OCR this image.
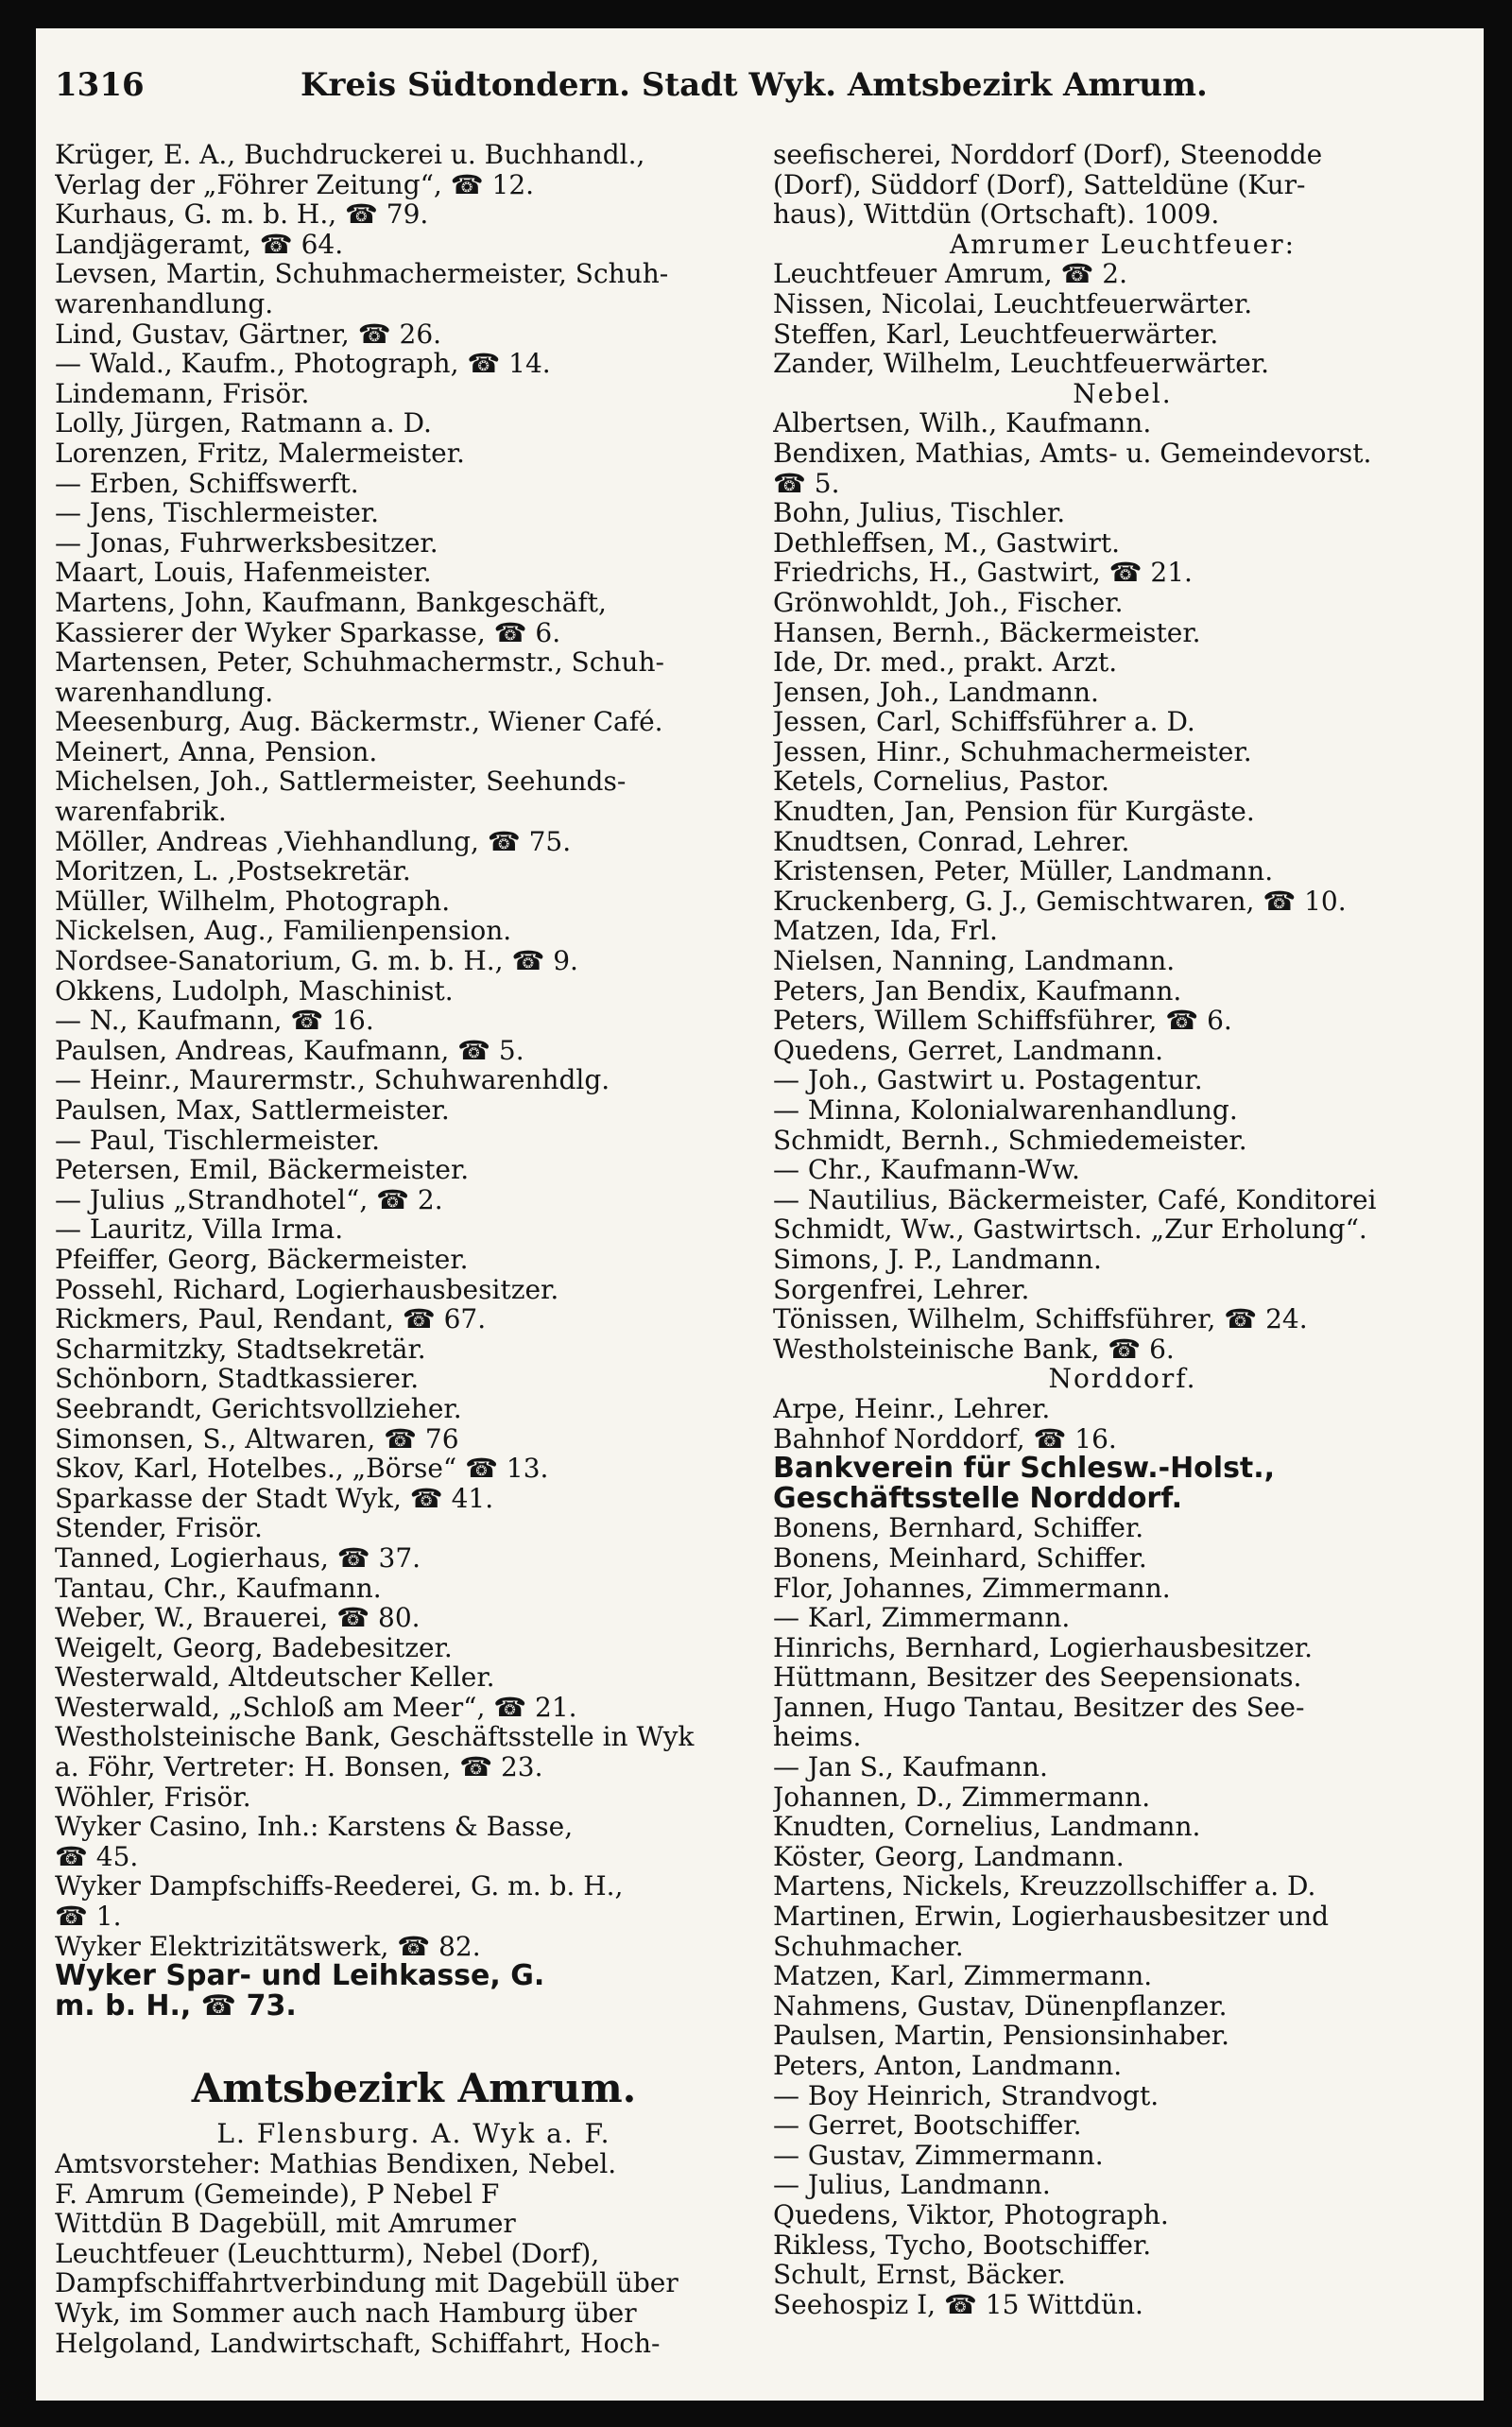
1316	Kreis Südtondern. Stadt Wyk. Amtsbezirk Amrum.
Krüger, E. A., Buchdruckerei u. Buchhandl.,
Verlag der „Föhrer Zeitung“, ☎ 12.
Kurhaus, G. m. b. H., ☎ 79.
Landjägeramt, ☎ 64.
Levsen, Martin, Schuhmachermeister, Schuh-
warenhandlung.
Lind, Gustav, Gärtner, ☎ 26.
— Wald., Kaufm., Photograph, ☎ 14.
Lindemann, Frisör.
Lolly, Jürgen, Ratmann a. D.
Lorenzen, Fritz, Malermeister.
— Erben, Schiffswerft.
— Jens, Tischlermeister.
— Jonas, Fuhrwerksbesitzer.
Maart, Louis, Hafenmeister.
Martens, John, Kaufmann, Bankgeschäft,
Kassierer der Wyker Sparkasse, ☎ 6.
Martensen, Peter, Schuhmachermstr., Schuh-
warenhandlung.
Meesenburg, Aug. Bäckermstr., Wiener Café.
Meinert, Anna, Pension.
Michelsen, Joh., Sattlermeister, Seehunds-
warenfabrik.
Möller, Andreas ,Viehhandlung, ☎ 75.
Moritzen, L. ,Postsekretär.
Müller, Wilhelm, Photograph.
Nickelsen, Aug., Familienpension.
Nordsee-Sanatorium, G. m. b. H., ☎ 9.
Okkens, Ludolph, Maschinist.
— N., Kaufmann, ☎ 16.
Paulsen, Andreas, Kaufmann, ☎ 5.
— Heinr., Maurermstr., Schuhwarenhdlg.
Paulsen, Max, Sattlermeister.
— Paul, Tischlermeister.
Petersen, Emil, Bäckermeister.
— Julius „Strandhotel“, ☎ 2.
— Lauritz, Villa Irma.
Pfeiffer, Georg, Bäckermeister.
Possehl, Richard, Logierhausbesitzer.
Rickmers, Paul, Rendant, ☎ 67.
Scharmitzky, Stadtsekretär.
Schönborn, Stadtkassierer.
Seebrandt, Gerichtsvollzieher.
Simonsen, S., Altwaren, ☎ 76
Skov, Karl, Hotelbes., „Börse“ ☎ 13.
Sparkasse der Stadt Wyk, ☎ 41.
Stender, Frisör.
Tanned, Logierhaus, ☎ 37.
Tantau, Chr., Kaufmann.
Weber, W., Brauerei, ☎ 80.
Weigelt, Georg, Badebesitzer.
Westerwald, Altdeutscher Keller.
Westerwald, „Schloß am Meer“, ☎ 21.
Westholsteinische Bank, Geschäftsstelle in Wyk
a. Föhr, Vertreter: H. Bonsen, ☎ 23.
Wöhler, Frisör.
Wyker Casino, Inh.: Karstens & Basse,
☎ 45.
Wyker Dampfschiffs-Reederei, G. m. b. H.,
☎ 1.
Wyker Elektrizitätswerk, ☎ 82.
Wyker Spar- und Leihkasse, G.
m. b. H., ☎ 73.
Amtsbezirk Amrum.
L. Flensburg. A. Wyk a. F.
Amtsvorsteher: Mathias Bendixen, Nebel.
F. Amrum (Gemeinde), P Nebel F
Wittdün B Dagebüll, mit Amrumer
Leuchtfeuer (Leuchtturm), Nebel (Dorf),
Dampfschiffahrtverbindung mit Dagebüll über
Wyk, im Sommer auch nach Hamburg über
Helgoland, Landwirtschaft, Schiffahrt, Hoch-
seefischerei, Norddorf (Dorf), Steenodde
(Dorf), Süddorf (Dorf), Satteldüne (Kur-
haus), Wittdün (Ortschaft). 1009.
Amrumer Leuchtfeuer:
Leuchtfeuer Amrum, ☎ 2.
Nissen, Nicolai, Leuchtfeuerwärter.
Steffen, Karl, Leuchtfeuerwärter.
Zander, Wilhelm, Leuchtfeuerwärter.
Nebel.
Albertsen, Wilh., Kaufmann.
Bendixen, Mathias, Amts- u. Gemeindevorst.
☎ 5.
Bohn, Julius, Tischler.
Dethleffsen, M., Gastwirt.
Friedrichs, H., Gastwirt, ☎ 21.
Grönwohldt, Joh., Fischer.
Hansen, Bernh., Bäckermeister.
Ide, Dr. med., prakt. Arzt.
Jensen, Joh., Landmann.
Jessen, Carl, Schiffsführer a. D.
Jessen, Hinr., Schuhmachermeister.
Ketels, Cornelius, Pastor.
Knudten, Jan, Pension für Kurgäste.
Knudtsen, Conrad, Lehrer.
Kristensen, Peter, Müller, Landmann.
Kruckenberg, G. J., Gemischtwaren, ☎ 10.
Matzen, Ida, Frl.
Nielsen, Nanning, Landmann.
Peters, Jan Bendix, Kaufmann.
Peters, Willem Schiffsführer, ☎ 6.
Quedens, Gerret, Landmann.
— Joh., Gastwirt u. Postagentur.
— Minna, Kolonialwarenhandlung.
Schmidt, Bernh., Schmiedemeister.
— Chr., Kaufmann-Ww.
— Nautilius, Bäckermeister, Café, Konditorei
Schmidt, Ww., Gastwirtsch. „Zur Erholung“.
Simons, J. P., Landmann.
Sorgenfrei, Lehrer.
Tönissen, Wilhelm, Schiffsführer, ☎ 24.
Westholsteinische Bank, ☎ 6.
Norddorf.
Arpe, Heinr., Lehrer.
Bahnhof Norddorf, ☎ 16.
Bankverein für Schlesw.-Holst.,
Geschäftsstelle Norddorf.
Bonens, Bernhard, Schiffer.
Bonens, Meinhard, Schiffer.
Flor, Johannes, Zimmermann.
— Karl, Zimmermann.
Hinrichs, Bernhard, Logierhausbesitzer.
Hüttmann, Besitzer des Seepensionats.
Jannen, Hugo Tantau, Besitzer des See-
heims.
— Jan S., Kaufmann.
Johannen, D., Zimmermann.
Knudten, Cornelius, Landmann.
Köster, Georg, Landmann.
Martens, Nickels, Kreuzzollschiffer a. D.
Martinen, Erwin, Logierhausbesitzer und
Schuhmacher.
Matzen, Karl, Zimmermann.
Nahmens, Gustav, Dünenpflanzer.
Paulsen, Martin, Pensionsinhaber.
Peters, Anton, Landmann.
— Boy Heinrich, Strandvogt.
— Gerret, Bootschiffer.
— Gustav, Zimmermann.
— Julius, Landmann.
Quedens, Viktor, Photograph.
Rikless, Tycho, Bootschiffer.
Schult, Ernst, Bäcker.
Seehospiz I, ☎ 15 Wittdün.
